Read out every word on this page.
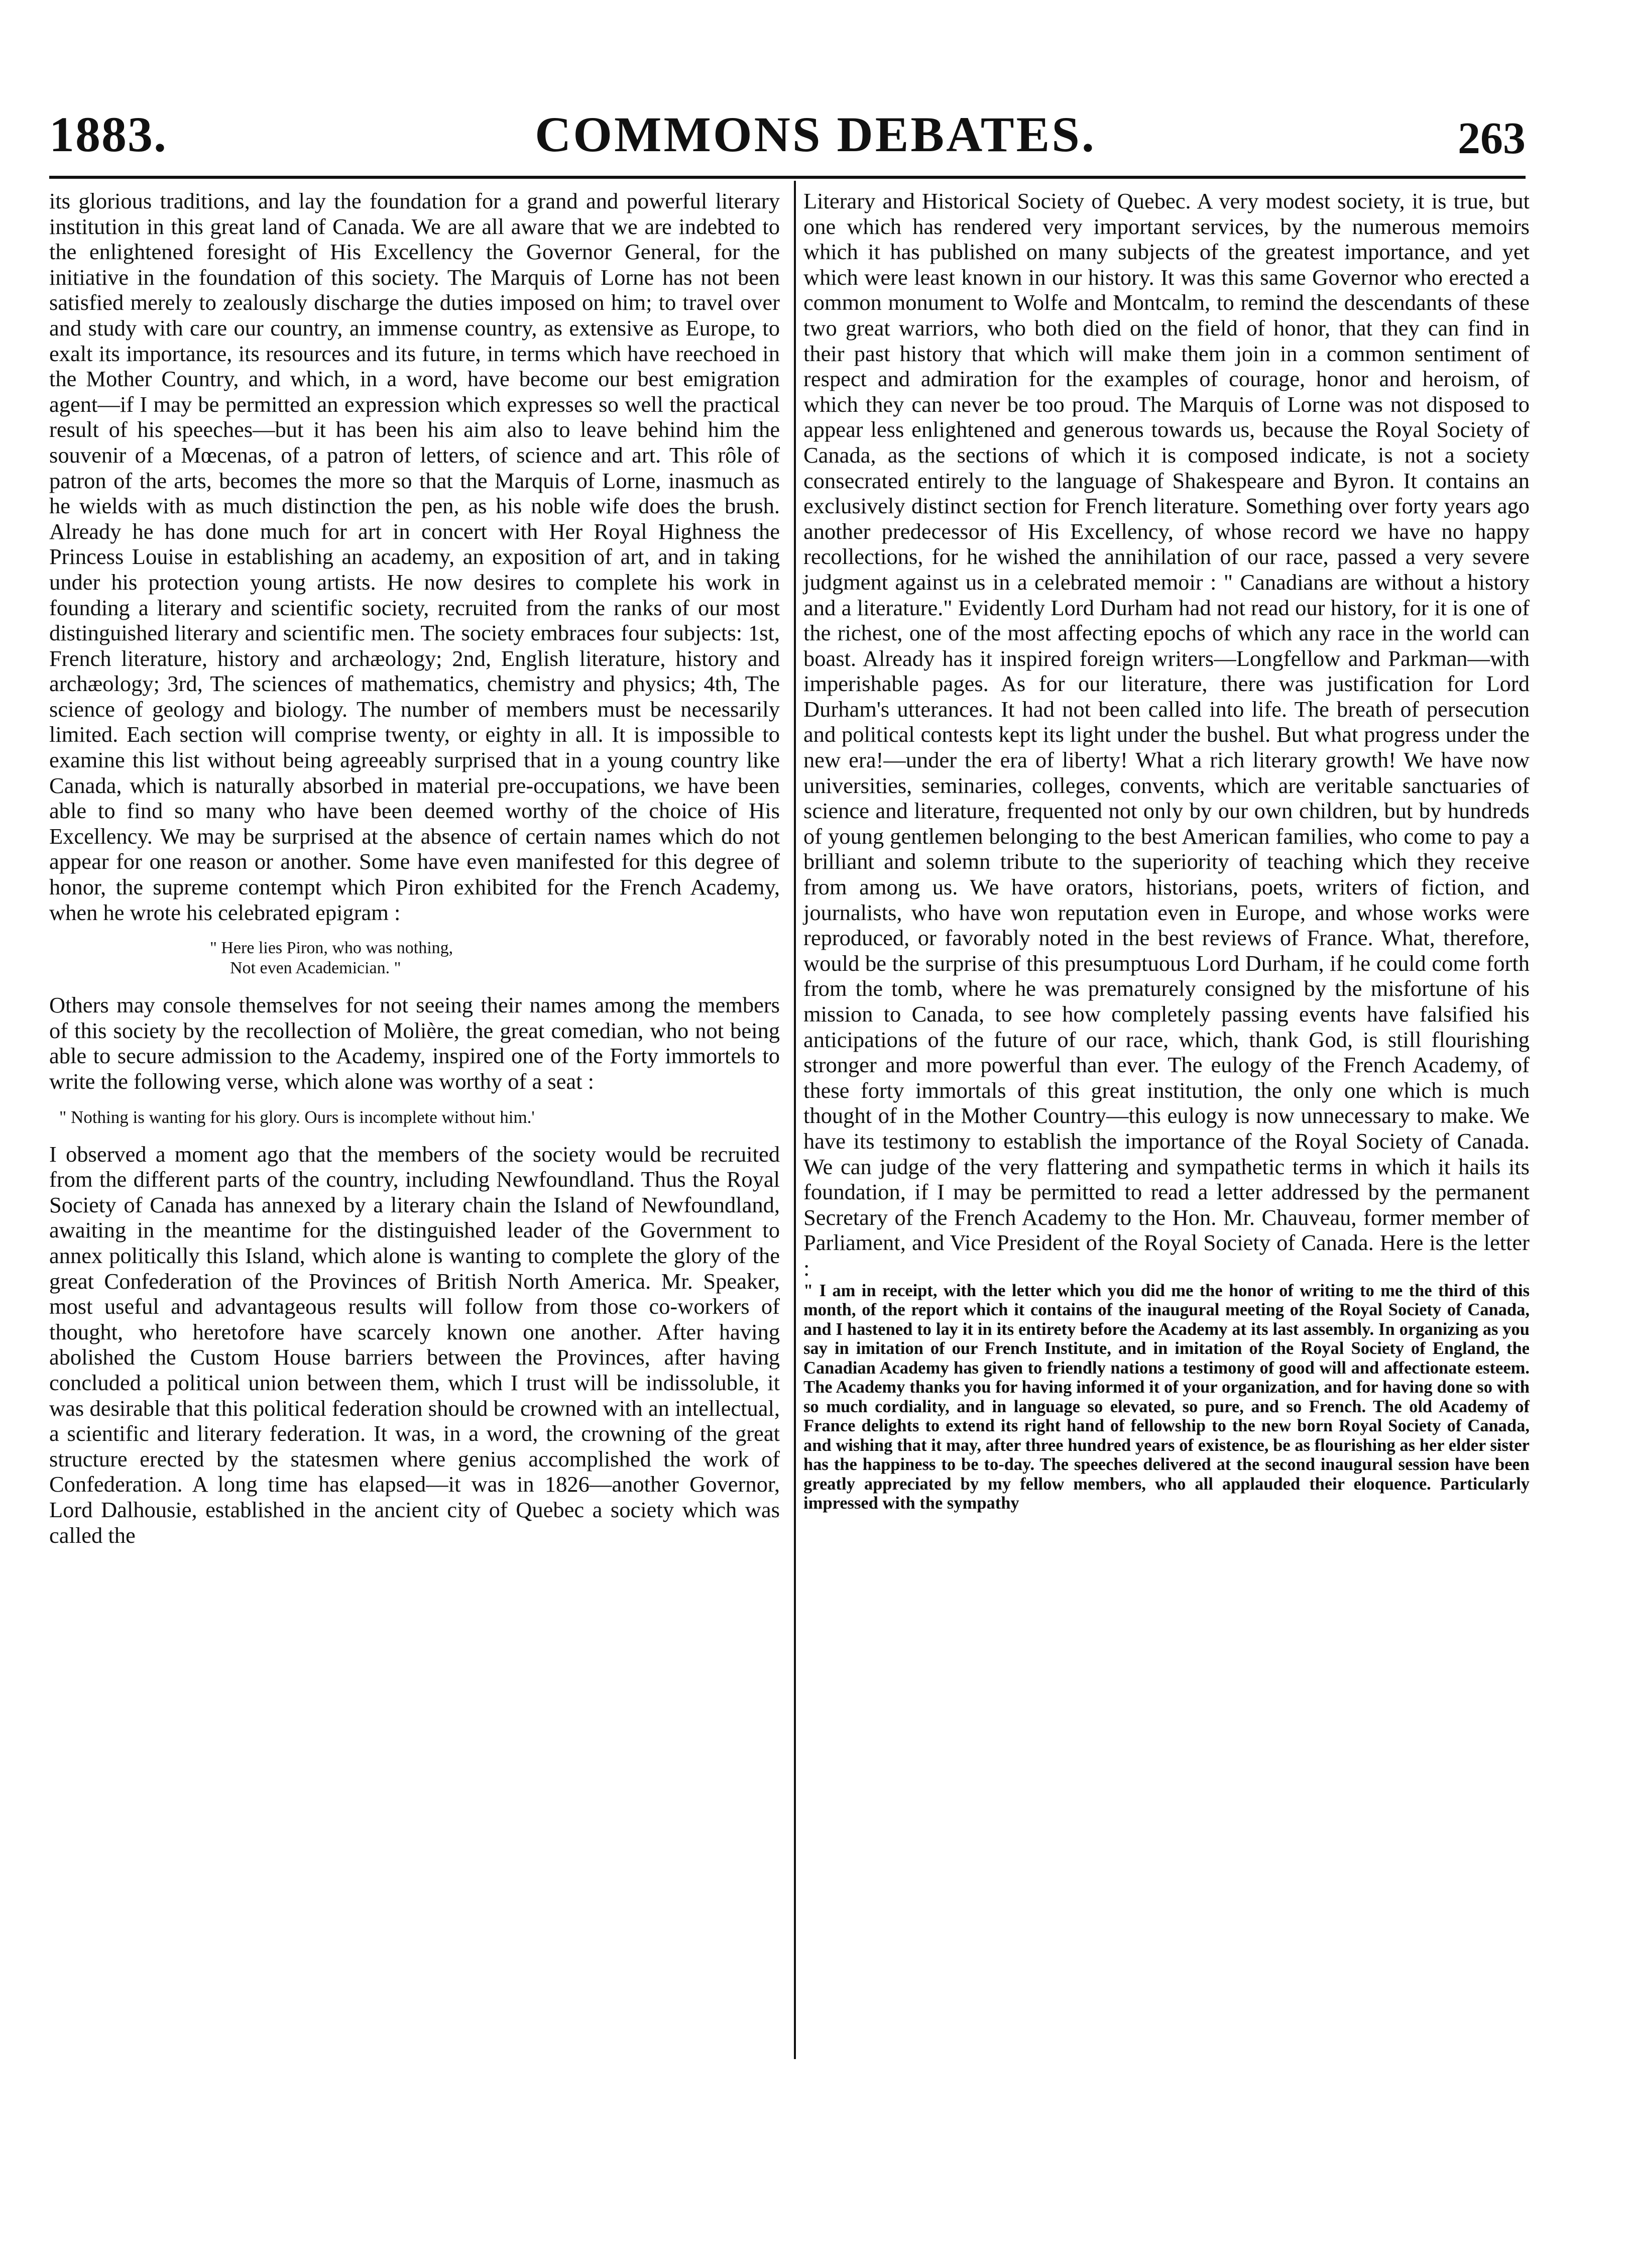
COMMONS DEBATES.
1883.	263

its glorious traditions, and lay the foundation for a grand and powerful literary institution in this great land of Canada. We are all aware that we are indebted to the enlightened foresight of His Excellency the Governor General, for the initiative in the foundation of this society. The Marquis of Lorne has not been satisfied merely to zealously discharge the duties imposed on him; to travel over and study with care our country, an immense country, as extensive as Europe, to exalt its importance, its resources and its future, in terms which have reechoed in the Mother Country, and which, in a word, have become our best emigration agent—if I may be permitted an expression which expresses so well the practical result of his speeches—but it has been his aim also to leave behind him the souvenir of a Mœcenas, of a patron of letters, of science and art. This rôle of patron of the arts, becomes the more so that the Marquis of Lorne, inasmuch as he wields with as much distinction the pen, as his noble wife does the brush. Already he has done much for art in concert with Her Royal Highness the Princess Louise in establishing an academy, an exposition of art, and in taking under his protection young artists. He now desires to complete his work in founding a literary and scientific society, recruited from the ranks of our most distinguished literary and scientific men. The society embraces four subjects: 1st, French literature, history and archæology; 2nd, English literature, history and archæology; 3rd, The sciences of mathematics, chemistry and physics; 4th, The science of geology and biology. The number of members must be necessarily limited. Each section will comprise twenty, or eighty in all. It is impossible to examine this list without being agreeably surprised that in a young country like Canada, which is naturally absorbed in material pre-occupations, we have been able to find so many who have been deemed worthy of the choice of His Excellency. We may be surprised at the absence of certain names which do not appear for one reason or another. Some have even manifested for this degree of honor, the supreme contempt which Piron exhibited for the French Academy, when he wrote his celebrated epigram :

" Here lies Piron, who was nothing,
Not even Academician. "

Others may console themselves for not seeing their names among the members of this society by the recollection of Molière, the great comedian, who not being able to secure admission to the Academy, inspired one of the Forty immortels to write the following verse, which alone was worthy of a seat :

" Nothing is wanting for his glory. Ours is incomplete without him.'

I observed a moment ago that the members of the society would be recruited from the different parts of the country, including Newfoundland. Thus the Royal Society of Canada has annexed by a literary chain the Island of Newfoundland, awaiting in the meantime for the distinguished leader of the Government to annex politically this Island, which alone is wanting to complete the glory of the great Confederation of the Provinces of British North America. Mr. Speaker, most useful and advantageous results will follow from those co-workers of thought, who heretofore have scarcely known one another. After having abolished the Custom House barriers between the Provinces, after having concluded a political union between them, which I trust will be indissoluble, it was desirable that this political federation should be crowned with an intellectual, a scientific and literary federation. It was, in a word, the crowning of the great structure erected by the statesmen where genius accomplished the work of Confederation. A long time has elapsed—it was in 1826—another Governor, Lord Dalhousie, established in the ancient city of Quebec a society which was called the

Literary and Historical Society of Quebec. A very modest society, it is true, but one which has rendered very important services, by the numerous memoirs which it has published on many subjects of the greatest importance, and yet which were least known in our history. It was this same Governor who erected a common monument to Wolfe and Montcalm, to remind the descendants of these two great warriors, who both died on the field of honor, that they can find in their past history that which will make them join in a common sentiment of respect and admiration for the examples of courage, honor and heroism, of which they can never be too proud. The Marquis of Lorne was not disposed to appear less enlightened and generous towards us, because the Royal Society of Canada, as the sections of which it is composed indicate, is not a society consecrated entirely to the language of Shakespeare and Byron. It contains an exclusively distinct section for French literature. Something over forty years ago another predecessor of His Excellency, of whose record we have no happy recollections, for he wished the annihilation of our race, passed a very severe judgment against us in a celebrated memoir : " Canadians are without a history and a literature." Evidently Lord Durham had not read our history, for it is one of the richest, one of the most affecting epochs of which any race in the world can boast. Already has it inspired foreign writers—Longfellow and Parkman—with imperishable pages. As for our literature, there was justification for Lord Durham's utterances. It had not been called into life. The breath of persecution and political contests kept its light under the bushel. But what progress under the new era!—under the era of liberty! What a rich literary growth! We have now universities, seminaries, colleges, convents, which are veritable sanctuaries of science and literature, frequented not only by our own children, but by hundreds of young gentlemen belonging to the best American families, who come to pay a brilliant and solemn tribute to the superiority of teaching which they receive from among us. We have orators, historians, poets, writers of fiction, and journalists, who have won reputation even in Europe, and whose works were reproduced, or favorably noted in the best reviews of France. What, therefore, would be the surprise of this presumptuous Lord Durham, if he could come forth from the tomb, where he was prematurely consigned by the misfortune of his mission to Canada, to see how completely passing events have falsified his anticipations of the future of our race, which, thank God, is still flourishing stronger and more powerful than ever. The eulogy of the French Academy, of these forty immortals of this great institution, the only one which is much thought of in the Mother Country—this eulogy is now unnecessary to make. We have its testimony to establish the importance of the Royal Society of Canada. We can judge of the very flattering and sympathetic terms in which it hails its foundation, if I may be permitted to read a letter addressed by the permanent Secretary of the French Academy to the Hon. Mr. Chauveau, former member of Parliament, and Vice President of the Royal Society of Canada. Here is the letter :

" I am in receipt, with the letter which you did me the honor of writing to me the third of this month, of the report which it contains of the inaugural meeting of the Royal Society of Canada, and I hastened to lay it in its entirety before the Academy at its last assembly. In organizing as you say in imitation of our French Institute, and in imitation of the Royal Society of England, the Canadian Academy has given to friendly nations a testimony of good will and affectionate esteem. The Academy thanks you for having informed it of your organization, and for having done so with so much cordiality, and in language so elevated, so pure, and so French. The old Academy of France delights to extend its right hand of fellowship to the new born Royal Society of Canada, and wishing that it may, after three hundred years of existence, be as flourishing as her elder sister has the happiness to be to-day. The speeches delivered at the second inaugural session have been greatly appreciated by my fellow members, who all applauded their eloquence. Particularly impressed with the sympathy
